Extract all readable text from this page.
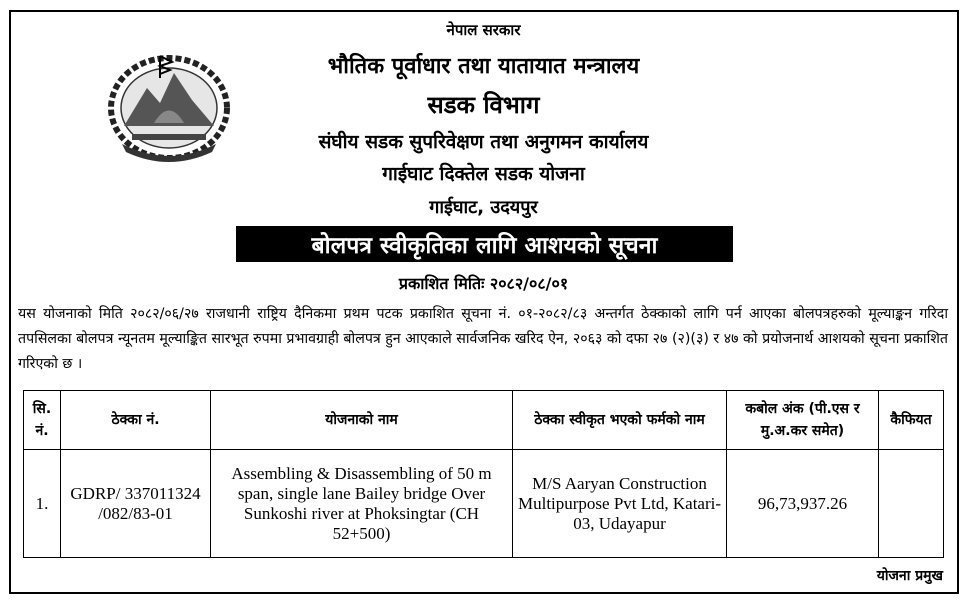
नेपाल सरकार
भौतिक पूर्वाधार तथा यातायात मन्त्रालय
सडक विभाग
संघीय सडक सुपरिवेक्षण तथा अनुगमन कार्यालय
गाईघाट दिक्तेल सडक योजना
गाईघाट, उदयपुर
बोलपत्र स्वीकृतिका लागि आशयको सूचना
प्रकाशित मितिः २०८२/०८/०१
यस योजनाको मिति २०८२/०६/२७ राजधानी राष्ट्रिय दैनिकमा प्रथम पटक प्रकाशित सूचना नं. ०१-२०८२/८३ अन्तर्गत ठेक्काको लागि पर्न आएका बोलपत्रहरुको मूल्याङ्कन गरिदा तपसिलका बोलपत्र न्यूनतम मूल्याङ्कित सारभूत रुपमा प्रभावग्राही बोलपत्र हुन आएकाले सार्वजनिक खरिद ऐन, २०६३ को दफा २७ (२)(३) र ४७ को प्रयोजनार्थ आशयको सूचना प्रकाशित गरिएको छ ।
सि. नं.	ठेक्का नं.	योजनाको नाम	ठेक्का स्वीकृत भएको फर्मको नाम	कबोल अंक (पी.एस र मु.अ.कर समेत)	कैफियत
1.	GDRP/ 337011324 /082/83-01	Assembling & Disassembling of 50 m span, single lane Bailey bridge Over Sunkoshi river at Phoksingtar (CH 52+500)	M/S Aaryan Construction Multipurpose Pvt Ltd, Katari-03, Udayapur	96,73,937.26	
योजना प्रमुख
